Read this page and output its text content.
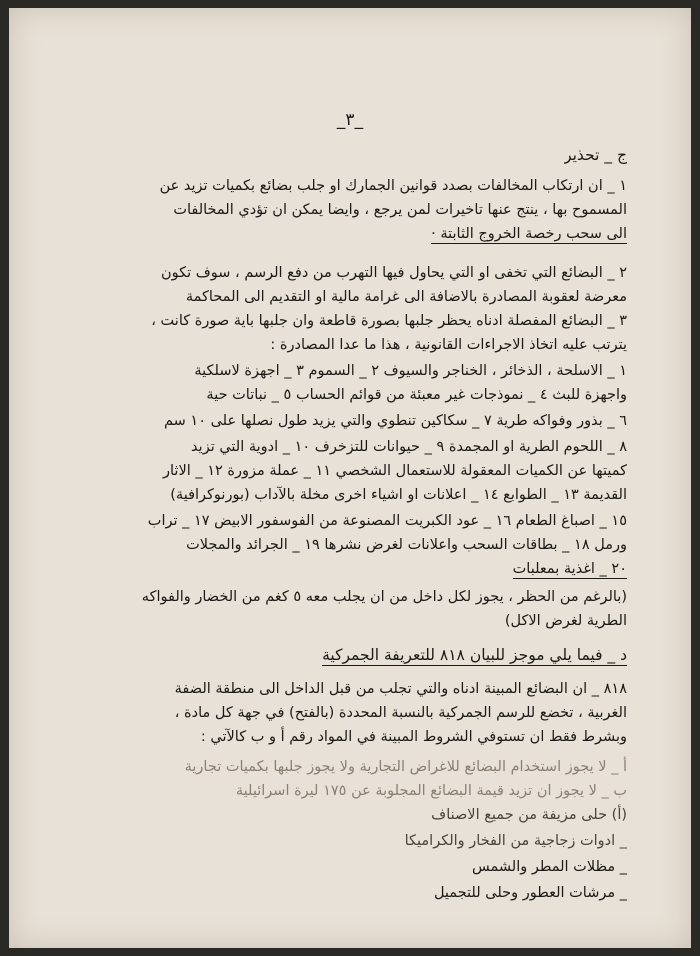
_٣_
ج _ تحذير
١ _ ان ارتكاب المخالفات بصدد قوانين الجمارك او جلب بضائع بكميات تزيد عن
المسموح بها ، ينتج عنها تاخيرات لمن يرجع ، وايضا يمكن ان تؤدي المخالفات
الى سحب رخصة الخروج الثابتة ·
٢ _ البضائع التي تخفى او التي يحاول فيها التهرب من دفع الرسم ، سوف تكون
معرضة لعقوبة المصادرة بالاضافة الى غرامة مالية او التقديم الى المحاكمة
٣ _ البضائع المفصلة ادناه يحظر جلبها بصورة قاطعة وان جلبها باية صورة كانت ،
يترتب عليه اتخاذ الاجراءات القانونية ، هذا ما عدا المصادرة :
١ _ الاسلحة ، الذخائر ، الخناجر والسيوف ٢ _ السموم ٣ _ اجهزة لاسلكية
واجهزة للبث ٤ _ نموذجات غير معبئة من قوائم الحساب ٥ _ نباتات حية
٦ _ بذور وفواكه طرية ٧ _ سكاكين تنطوي والتي يزيد طول نصلها على ١٠ سم
٨ _ اللحوم الطرية او المجمدة ٩ _ حيوانات للتزخرف ١٠ _ ادوية التي تزيد
كميتها عن الكميات المعقولة للاستعمال الشخصي ١١ _ عملة مزورة ١٢ _ الاثار
القديمة ١٣ _ الطوابع ١٤ _ اعلانات او اشياء اخرى مخلة بالآداب (بورنوكرافية)
١٥ _ اصباغ الطعام ١٦ _ عود الكبريت المصنوعة من الفوسفور الابيض ١٧ _ تراب
ورمل ١٨ _ بطاقات السحب واعلانات لغرض نشرها ١٩ _ الجرائد والمجلات
٢٠ _ اغذية بمعلبات
(بالرغم من الحظر ، يجوز لكل داخل من ان يجلب معه ٥ كغم من الخضار والفواكه
الطرية لغرض الاكل)
د _ فيما يلي موجز للبيان ٨١٨ للتعريفة الجمركية
٨١٨ _ ان البضائع المبينة ادناه والتي تجلب من قبل الداخل الى منطقة الضفة
الغربية ، تخضع للرسم الجمركية بالنسبة المحددة (بالفتح) في جهة كل مادة ،
وبشرط فقط ان تستوفي الشروط المبينة في المواد رقم أ و ب كالآتي :
أ _ لا يجوز استخدام البضائع للاغراض التجارية ولا يجوز جلبها بكميات تجارية
ب _ لا يجوز ان تزيد قيمة البضائع المجلوبة عن ١٧٥ ليرة اسرائيلية
(أ) حلى مزيفة من جميع الاصناف
_ ادوات زجاجية من الفخار والكراميكا
_ مظلات المطر والشمس
_ مرشات العطور وحلى للتجميل
